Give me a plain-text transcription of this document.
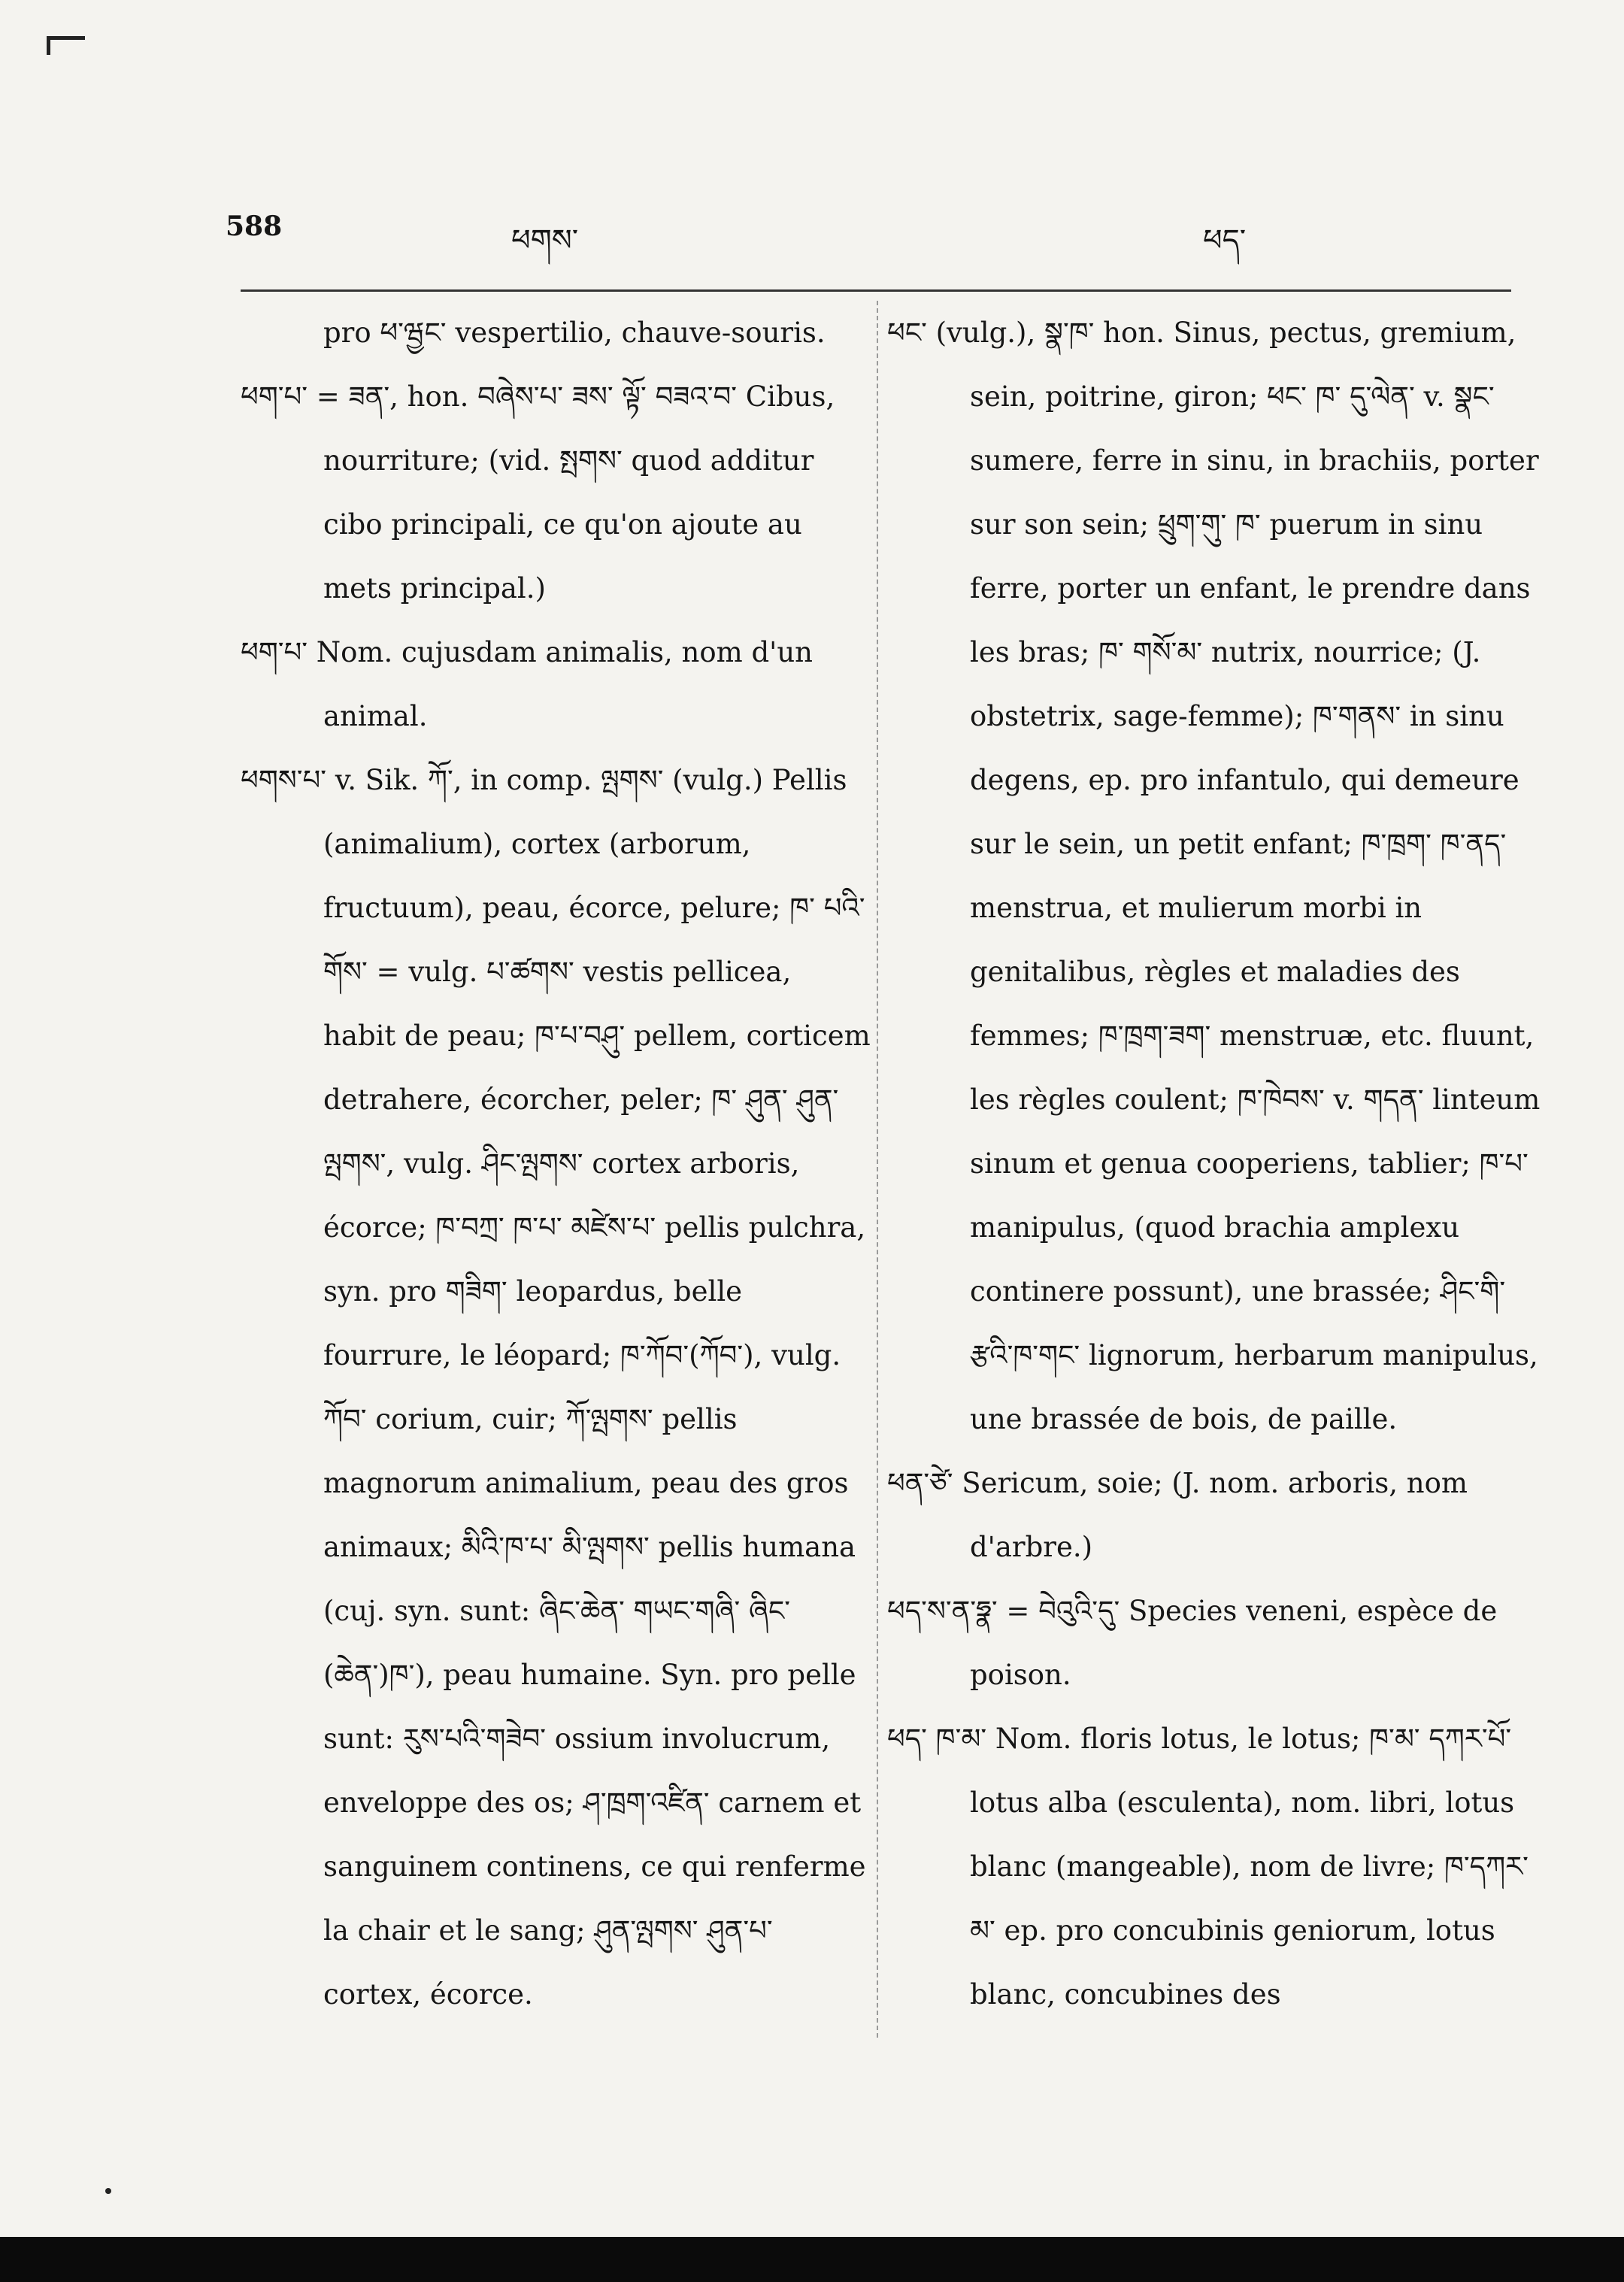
588	ཕགས་	ཕད་

pro ཕ་ཝྱང་ vespertilio, chauve-souris.

ཕག་པ་ = ཟན་, hon. བཞེས་པ་ ཟས་ ལྟོ་ བཟའ་བ་ Cibus, nourriture; (vid. སྤགས་ quod additur cibo principali, ce qu'on ajoute au mets principal.)

ཕག་པ་ Nom. cujusdam animalis, nom d'un animal.

ཕགས་པ་ v. Sik. ཀོ་, in comp. ལྤགས་ (vulg.) Pellis (animalium), cortex (arborum, fructuum), peau, écorce, pelure; ཁ་ པའི་གོས་ = vulg. པ་ཚགས་ vestis pellicea, habit de peau; ཁ་པ་བཤུ་ pellem, corticem detrahere, écorcher, peler; ཁ་ ཤུན་ ཤུན་ལྤགས་, vulg. ཤིང་ལྤགས་ cortex arboris, écorce; ཁ་བཀྲ་ ཁ་པ་ མཛེས་པ་ pellis pulchra, syn. pro གཟིག་ leopardus, belle fourrure, le léopard; ཁ་ཀོབ་(ཀོབ་), vulg. ཀོབ་ corium, cuir; ཀོ་ལྤགས་ pellis magnorum animalium, peau des gros animaux; མིའི་ཁ་པ་ མི་ལྤགས་ pellis humana (cuj. syn. sunt: ཞིང་ཆེན་ གཡང་གཞི་ ཞིང་(ཆེན་)ཁ་), peau humaine. Syn. pro pelle sunt: རུས་པའི་གཟེབ་ ossium involucrum, enveloppe des os; ཤ་ཁྲག་འཛིན་ carnem et sanguinem continens, ce qui renferme la chair et le sang; ཤུན་ལྤགས་ ཤུན་པ་ cortex, écorce.

ཕང་ (vulg.), སྣ་ཁ་ hon. Sinus, pectus, gremium, sein, poitrine, giron; ཕང་ ཁ་ དུ་ལེན་ v. སྣང་ sumere, ferre in sinu, in brachiis, porter sur son sein; ཕྲུག་གུ་ ཁ་ puerum in sinu ferre, porter un enfant, le prendre dans les bras; ཁ་ གསོ་མ་ nutrix, nourrice; (J. obstetrix, sage-femme); ཁ་གནས་ in sinu degens, ep. pro infantulo, qui demeure sur le sein, un petit enfant; ཁ་ཁྲག་ ཁ་ནད་ menstrua, et mulierum morbi in genitalibus, règles et maladies des femmes; ཁ་ཁྲག་ཟག་ menstruæ, etc. fluunt, les règles coulent; ཁ་ཁེབས་ v. གདན་ linteum sinum et genua cooperiens, tablier; ཁ་པ་ manipulus, (quod brachia amplexu continere possunt), une brassée; ཤིང་གི་ རྩའི་ཁ་གང་ lignorum, herbarum manipulus, une brassée de bois, de paille.

ཕན་ཙེ་ Sericum, soie; (J. nom. arboris, nom d'arbre.)

ཕད་ས་ན་ཧྣ་ = བེའུའི་དུ་ Species veneni, espèce de poison.

ཕད་ ཁ་མ་ Nom. floris lotus, le lotus; ཁ་མ་ དཀར་པོ་ lotus alba (esculenta), nom. libri, lotus blanc (mangeable), nom de livre; ཁ་དཀར་མ་ ep. pro concubinis geniorum, lotus blanc, concubines des
